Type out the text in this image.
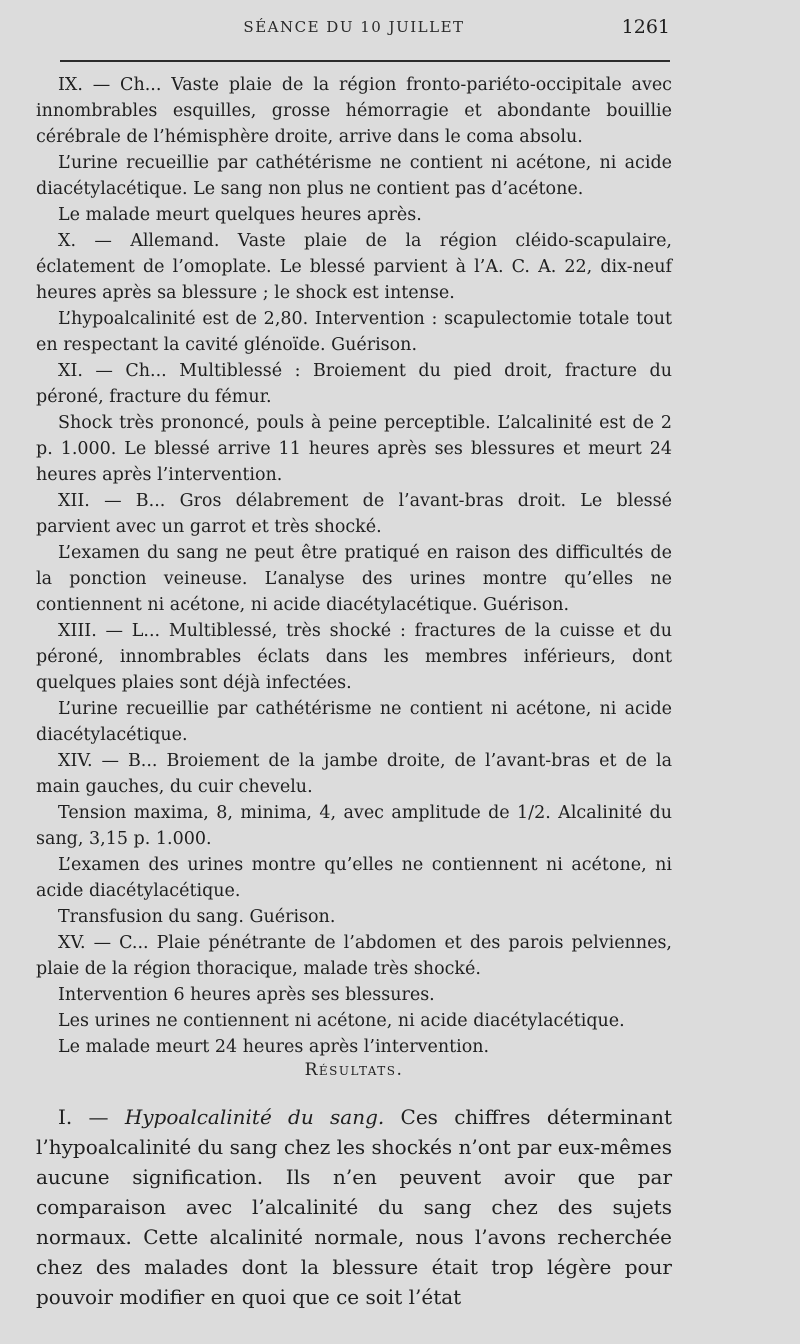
SÉANCE DU 10 JUILLET	1261

IX. — Ch... Vaste plaie de la région fronto-pariéto-occipitale avec innombrables esquilles, grosse hémorragie et abondante bouillie cérébrale de l’hémisphère droite, arrive dans le coma absolu.

L’urine recueillie par cathétérisme ne contient ni acétone, ni acide diacétylacétique. Le sang non plus ne contient pas d’acétone.

Le malade meurt quelques heures après.

X. — Allemand. Vaste plaie de la région cléido-scapulaire, éclatement de l’omoplate. Le blessé parvient à l’A. C. A. 22, dix-neuf heures après sa blessure ; le shock est intense.

L’hypoalcalinité est de 2,80. Intervention : scapulectomie totale tout en respectant la cavité glénoïde. Guérison.

XI. — Ch... Multiblessé : Broiement du pied droit, fracture du péroné, fracture du fémur.

Shock très prononcé, pouls à peine perceptible. L’alcalinité est de 2 p. 1.000. Le blessé arrive 11 heures après ses blessures et meurt 24 heures après l’intervention.

XII. — B... Gros délabrement de l’avant-bras droit. Le blessé parvient avec un garrot et très shocké.

L’examen du sang ne peut être pratiqué en raison des difficultés de la ponction veineuse. L’analyse des urines montre qu’elles ne contiennent ni acétone, ni acide diacétylacétique. Guérison.

XIII. — L... Multiblessé, très shocké : fractures de la cuisse et du péroné, innombrables éclats dans les membres inférieurs, dont quelques plaies sont déjà infectées.

L’urine recueillie par cathétérisme ne contient ni acétone, ni acide diacétylacétique.

XIV. — B... Broiement de la jambe droite, de l’avant-bras et de la main gauches, du cuir chevelu.

Tension maxima, 8, minima, 4, avec amplitude de 1/2. Alcalinité du sang, 3,15 p. 1.000.

L’examen des urines montre qu’elles ne contiennent ni acétone, ni acide diacétylacétique.

Transfusion du sang. Guérison.

XV. — C... Plaie pénétrante de l’abdomen et des parois pelviennes, plaie de la région thoracique, malade très shocké.

Intervention 6 heures après ses blessures.

Les urines ne contiennent ni acétone, ni acide diacétylacétique.

Le malade meurt 24 heures après l’intervention.

Résultats.

I. — Hypoalcalinité du sang. Ces chiffres déterminant l’hypoalcalinité du sang chez les shockés n’ont par eux-mêmes aucune signification. Ils n’en peuvent avoir que par comparaison avec l’alcalinité du sang chez des sujets normaux. Cette alcalinité normale, nous l’avons recherchée chez des malades dont la blessure était trop légère pour pouvoir modifier en quoi que ce soit l’état
